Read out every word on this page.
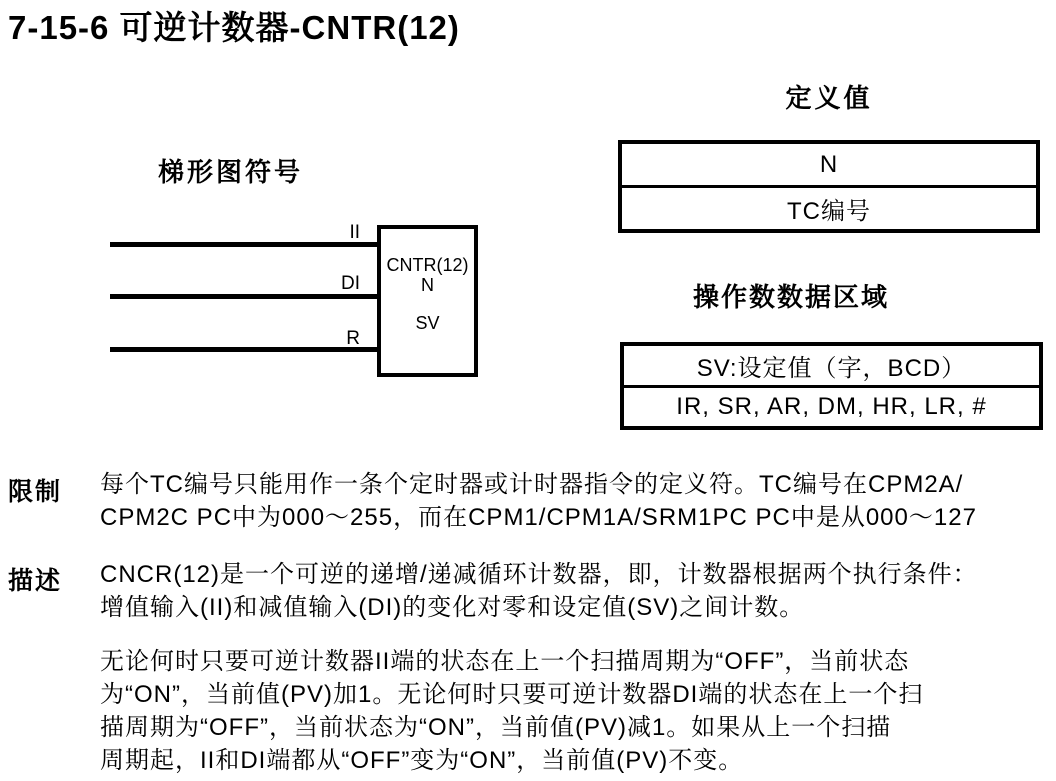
7-15-6 可逆计数器-CNTR(12)
梯形图符号
II
DI
R
CNTR(12)
N
SV
定义值
N
TC编号
操作数数据区域
SV:设定值（字，BCD）
IR, SR, AR, DM, HR, LR, #
限制 每个TC编号只能用作一条个定时器或计时器指令的定义符。TC编号在CPM2A/
CPM2C PC中为000～255，而在CPM1/CPM1A/SRM1PC PC中是从000～127
描述 CNCR(12)是一个可逆的递增/递减循环计数器，即，计数器根据两个执行条件：
增值输入(II)和减值输入(DI)的变化对零和设定值(SV)之间计数。
无论何时只要可逆计数器II端的状态在上一个扫描周期为“OFF”，当前状态
为“ON”，当前值(PV)加1。无论何时只要可逆计数器DI端的状态在上一个扫
描周期为“OFF”，当前状态为“ON”，当前值(PV)减1。如果从上一个扫描
周期起，II和DI端都从“OFF”变为“ON”，当前值(PV)不变。
